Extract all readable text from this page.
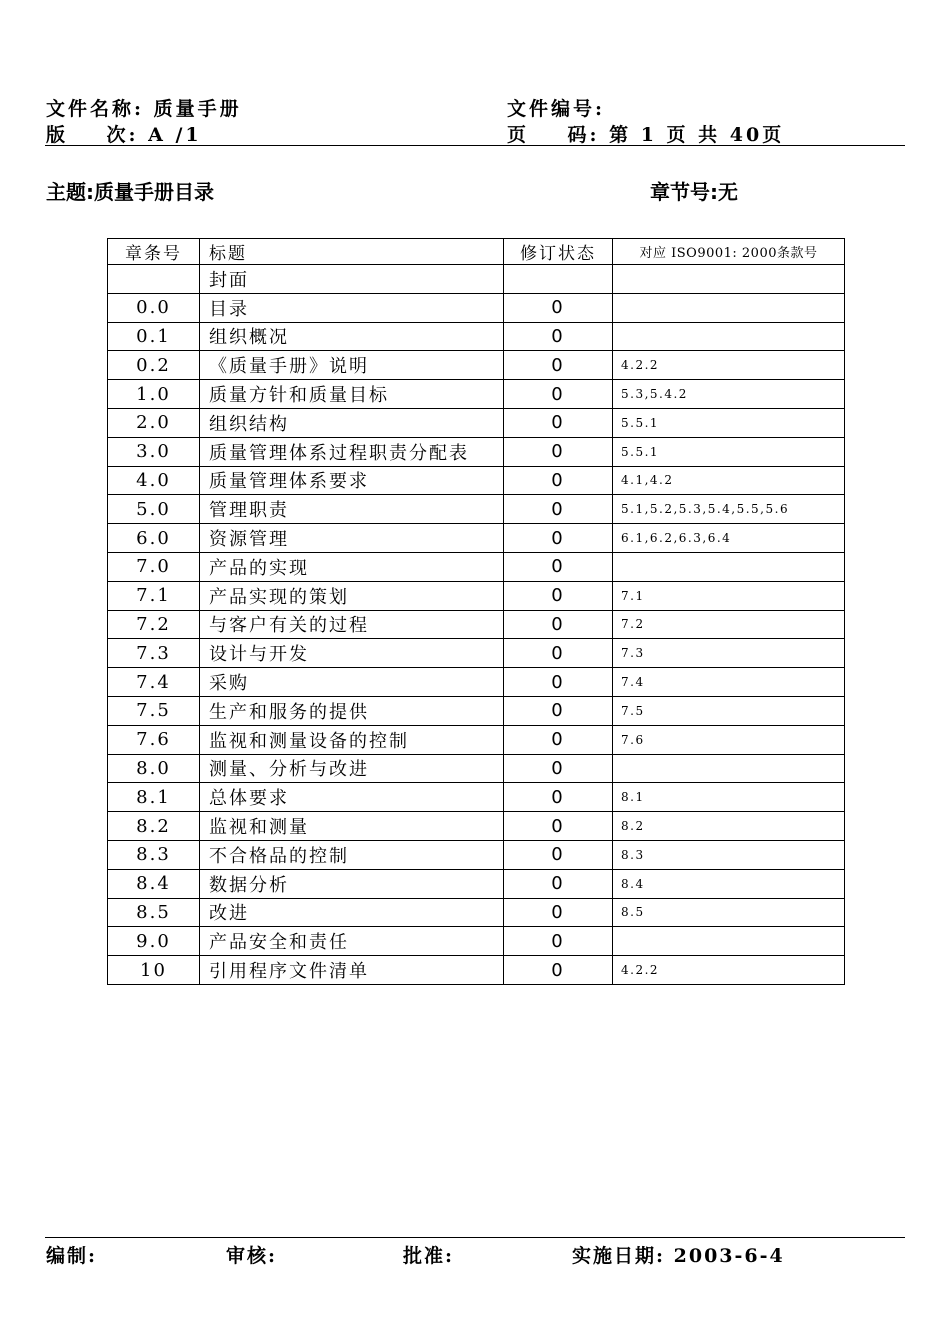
文件名称: 质量手册
版    次: A /1
文件编号:
页    码: 第 1 页 共 40页
主题:质量手册目录	章节号:无
章条号	标题	修订状态	对应 ISO9001: 2000条款号
	封面		
0.0	目录	0	
0.1	组织概况	0	
0.2	《质量手册》说明	0	4.2.2
1.0	质量方针和质量目标	0	5.3,5.4.2
2.0	组织结构	0	5.5.1
3.0	质量管理体系过程职责分配表	0	5.5.1
4.0	质量管理体系要求	0	4.1,4.2
5.0	管理职责	0	5.1,5.2,5.3,5.4,5.5,5.6
6.0	资源管理	0	6.1,6.2,6.3,6.4
7.0	产品的实现	0	
7.1	产品实现的策划	0	7.1
7.2	与客户有关的过程	0	7.2
7.3	设计与开发	0	7.3
7.4	采购	0	7.4
7.5	生产和服务的提供	0	7.5
7.6	监视和测量设备的控制	0	7.6
8.0	测量、分析与改进	0	
8.1	总体要求	0	8.1
8.2	监视和测量	0	8.2
8.3	不合格品的控制	0	8.3
8.4	数据分析	0	8.4
8.5	改进	0	8.5
9.0	产品安全和责任	0	
10	引用程序文件清单	0	4.2.2
编制:	审核:	批准:	实施日期: 2003-6-4
